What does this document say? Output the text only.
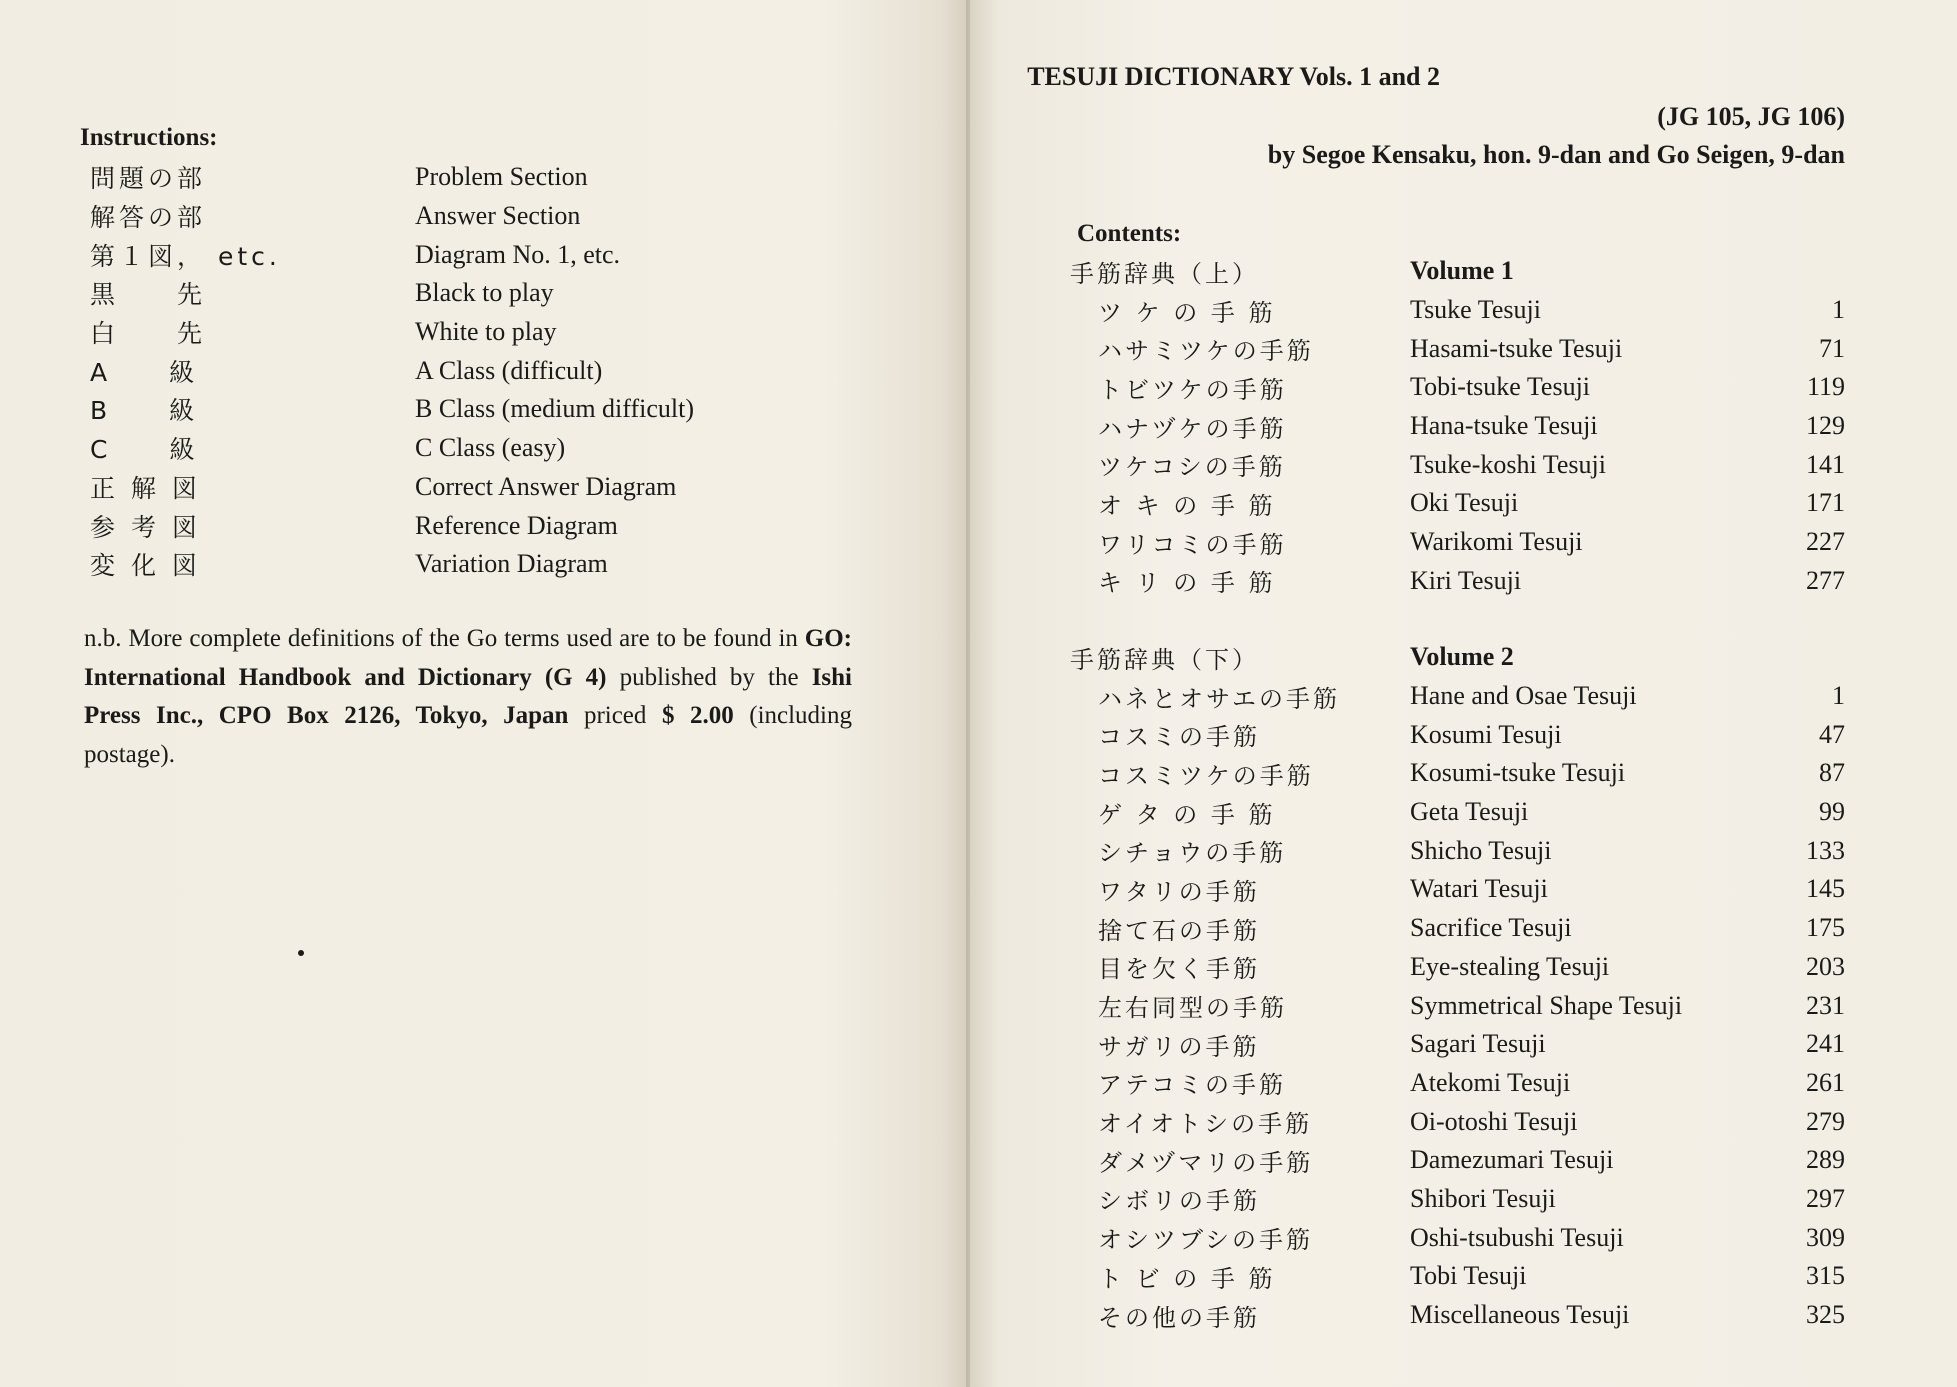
Instructions:
問題の部	Problem Section
解答の部	Answer Section
第１図， etc.	Diagram No. 1, etc.
黒　　先	Black to play
白　　先	White to play
A　　級	A Class (difficult)
B　　級	B Class (medium difficult)
C　　級	C Class (easy)
正 解 図	Correct Answer Diagram
参 考 図	Reference Diagram
変 化 図	Variation Diagram
n.b. More complete definitions of the Go terms used are to be found in GO: International Handbook and Dictionary (G 4) published by the Ishi Press Inc., CPO Box 2126, Tokyo, Japan priced $ 2.00 (including postage).
TESUJI DICTIONARY Vols. 1 and 2
(JG 105, JG 106)
by Segoe Kensaku, hon. 9-dan and Go Seigen, 9-dan
Contents:
手筋辞典（上）	Volume 1
ツ ケ の 手 筋	Tsuke Tesuji	1
ハサミツケの手筋	Hasami-tsuke Tesuji	71
トビツケの手筋	Tobi-tsuke Tesuji	119
ハナヅケの手筋	Hana-tsuke Tesuji	129
ツケコシの手筋	Tsuke-koshi Tesuji	141
オ キ の 手 筋	Oki Tesuji	171
ワリコミの手筋	Warikomi Tesuji	227
キ リ の 手 筋	Kiri Tesuji	277
手筋辞典（下）	Volume 2
ハネとオサエの手筋	Hane and Osae Tesuji	1
コスミの手筋	Kosumi Tesuji	47
コスミツケの手筋	Kosumi-tsuke Tesuji	87
ゲ タ の 手 筋	Geta Tesuji	99
シチョウの手筋	Shicho Tesuji	133
ワタリの手筋	Watari Tesuji	145
捨て石の手筋	Sacrifice Tesuji	175
目を欠く手筋	Eye-stealing Tesuji	203
左右同型の手筋	Symmetrical Shape Tesuji	231
サガリの手筋	Sagari Tesuji	241
アテコミの手筋	Atekomi Tesuji	261
オイオトシの手筋	Oi-otoshi Tesuji	279
ダメヅマリの手筋	Damezumari Tesuji	289
シボリの手筋	Shibori Tesuji	297
オシツブシの手筋	Oshi-tsubushi Tesuji	309
ト ビ の 手 筋	Tobi Tesuji	315
その他の手筋	Miscellaneous Tesuji	325
